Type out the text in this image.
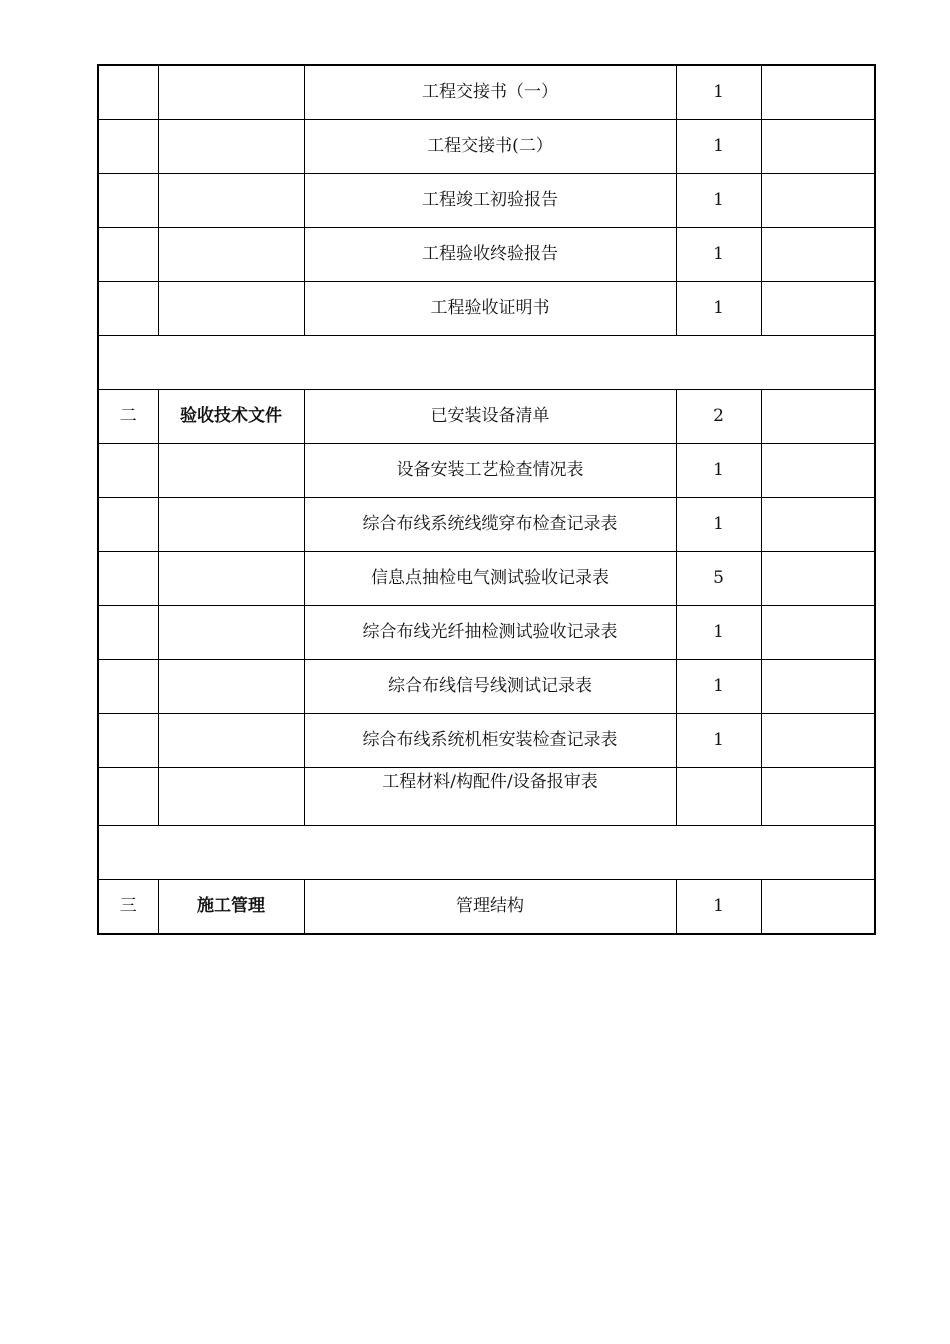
		工程交接书（一）	1	
		工程交接书(二）	1	
		工程竣工初验报告	1	
		工程验收终验报告	1	
		工程验收证明书	1	

二	验收技术文件	已安装设备清单	2	
		设备安装工艺检查情况表	1	
		综合布线系统线缆穿布检查记录表	1	
		信息点抽检电气测试验收记录表	5	
		综合布线光纤抽检测试验收记录表	1	
		综合布线信号线测试记录表	1	
		综合布线系统机柜安装检查记录表	1	
		工程材料/构配件/设备报审表		

三	施工管理	管理结构	1	
